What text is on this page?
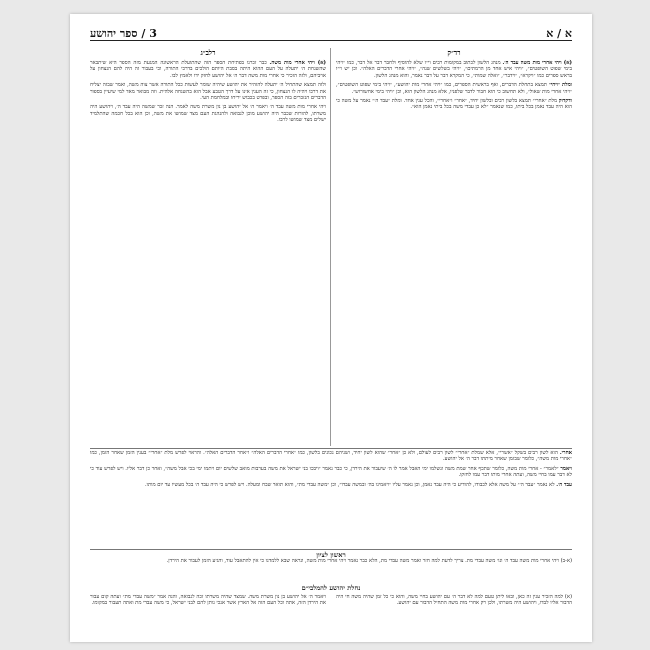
א / א
3 / ספר יהושע
רד״ק

(א) ויהי אחרי מות משה עבד ה׳. מנהג הלשון לכתוב במקומות רבים וי״ו שלא להוסיף ולחבר דבר אל דבר, כמו ״ויהי בימי שפוט השופטים״, ״ויהי איש אחד מן הרמתים״, ״ויהי בשלשים שנה״, ״ויהי אחרי הדברים האלה״. וכן יש וי״ו בראש ספרים כמו ״ויקרא״, ״וידבר״, ״ואלה שמות״, כי המקרא דבר על דבר נאמר, והוא מנהג הלשון.

ומלת ״ויהי״ תמצא בתחלת הדברים, ואף בראשית הספרים, כמו ״ויהי אחרי מות יהושע״, ״ויהי בימי שפוט השופטים״, ״ויהי אחרי מות שאול״, ולא תחשוב כי הוא חבור לדבר שלפניו, אלא מנהג הלשון הוא, וכן ״ויהי בימי אחשורוש״.

ודקדוק מלת ״אחרי״ תמצא בלשון רבים ובלשון יחיד, ״אחר״ ו״אחרי״, והכל ענין אחד. ומלת ״עבד ה׳״ נאמר על משה כי הוא היה עבד נאמן בכל ביתו, כמו שנאמר ״לא כן עבדי משה בכל ביתי נאמן הוא״.

רלב״ג

(א) ויהי אחרי מות משה. כבר זכרנו בפתיחת הספר הזה שהתועלת הראשונה המגעת מזה הספר היא שיתבאר שהשגחת ה׳ יתעלה על העם ההוא היתה בסבת היותם הולכים בדרכי התורה, וכי בעבור זה היה להם הנצחון על אויביהם, ולזה הזכיר כי אחרי מות משה דבר ה׳ אל יהושע לחזק ידו ולאמץ לבו.

ולזה תמצא שהתחיל ה׳ יתעלה להזהיר את יהושע שיהיה שומר לעשות ככל התורה אשר צוה משה, ואמר שבזה יצליח את דרכו ויהיה לו הנצחון, כי זה הענין אינו על דרך הטבע אבל הוא בהשגחה אלהית. וזה מבואר מאד למי שיעיין בספור הדברים הנזכרים בזה הספר, ובפרט בכבוש יריחו ובמלחמת העי.

ויהי אחרי מות משה עבד ה׳ ויאמר ה׳ אל יהושע בן נון משרת משה לאמר. הנה זכר שמשה היה עבד ה׳, ויהושע היה משרתו, להורות שכבר היה יהושע מוכן לנבואה ולהנהגת העם מצד שמושו את משה, וכן הוא בכל חכמה שהתלמיד ישלים מצד שמושו לרבו.

אחרי. הוא לשון רבים בשקל ״אשרי״, אלא שמלת ״אחרי״ לשון רבים לעולם, ולא כן ״אחר״ שהוא לשון יחיד, ושניהם נכונים בלשון, כמו ״אחרי הדברים האלה״ ו״אחר הדברים האלה״. והראוי לפרש מלת ״אחרי״ בענין הזמן שאחר הזמן, כמו ״אחרי מות משה״, כלומר שבזמן שאחר מיתתו דבר ה׳ אל יהושע.

ויאמר ״לאמר״ - אחרי מות משה, כלומר שתכף אחר שמת משה ונשלמו ימי האבל אמר לו ה׳ שיעבור את הירדן, כי כבר נאמר ״ויבכו בני ישראל את משה בערבות מואב שלשים יום ויתמו ימי בכי אבל משה״, ואחר כן דבר אליו. ויש לפרש עוד כי לא דבר עמו בחיי משה, ועתה אחרי מותו דבר עמו לחזקו.

עבד ה׳. לא נאמר ״עבד ה׳״ על משה אלא לכבודו, להודיע כי היה עבד נאמן, וכן נאמר עליו ״ויאמינו בה׳ ובמשה עבדו״, וכן ״משה עבדי מת״, והוא תואר שבח ומעלה. ויש לפרש כי היה עבד ה׳ בכל מעשיו עד יום מותו.

ראשון לציון
(א-ב) ויהי אחרי מות משה עבד ה׳ וגו׳ משה עבדי מת. צריך לדעת למה חזר ואמר משה עבדי מת, הלא כבר נאמר ויהי אחרי מות משה, ונראה שבא ללמדנו כי אין להתאבל עוד, והגיע הזמן לעבור את הירדן.
נחלת יהושע להמלבי״ם
(א) למה הזכיר ענין זה כאן, ובאו ליתן טעם למה לא דבר ה׳ עם יהושע בחיי משה, והוא כי כל זמן שהיה משה חי היה הדבור אליו לבדו, ויהושע היה משרתו, ולכן רק אחרי מות משה התחיל הדבור עם יהושע.
ויאמר ה׳ אל יהושע בן נון משרת משה. שמצד שהיה משרתו זכה לנבואה, והנה אמר ״משה עבדי מת״ ועתה קום עבור את הירדן הזה, אתה וכל העם הזה אל הארץ אשר אנכי נותן להם לבני ישראל, כי משה עבדי מת ואתה תעבור במקומו.
